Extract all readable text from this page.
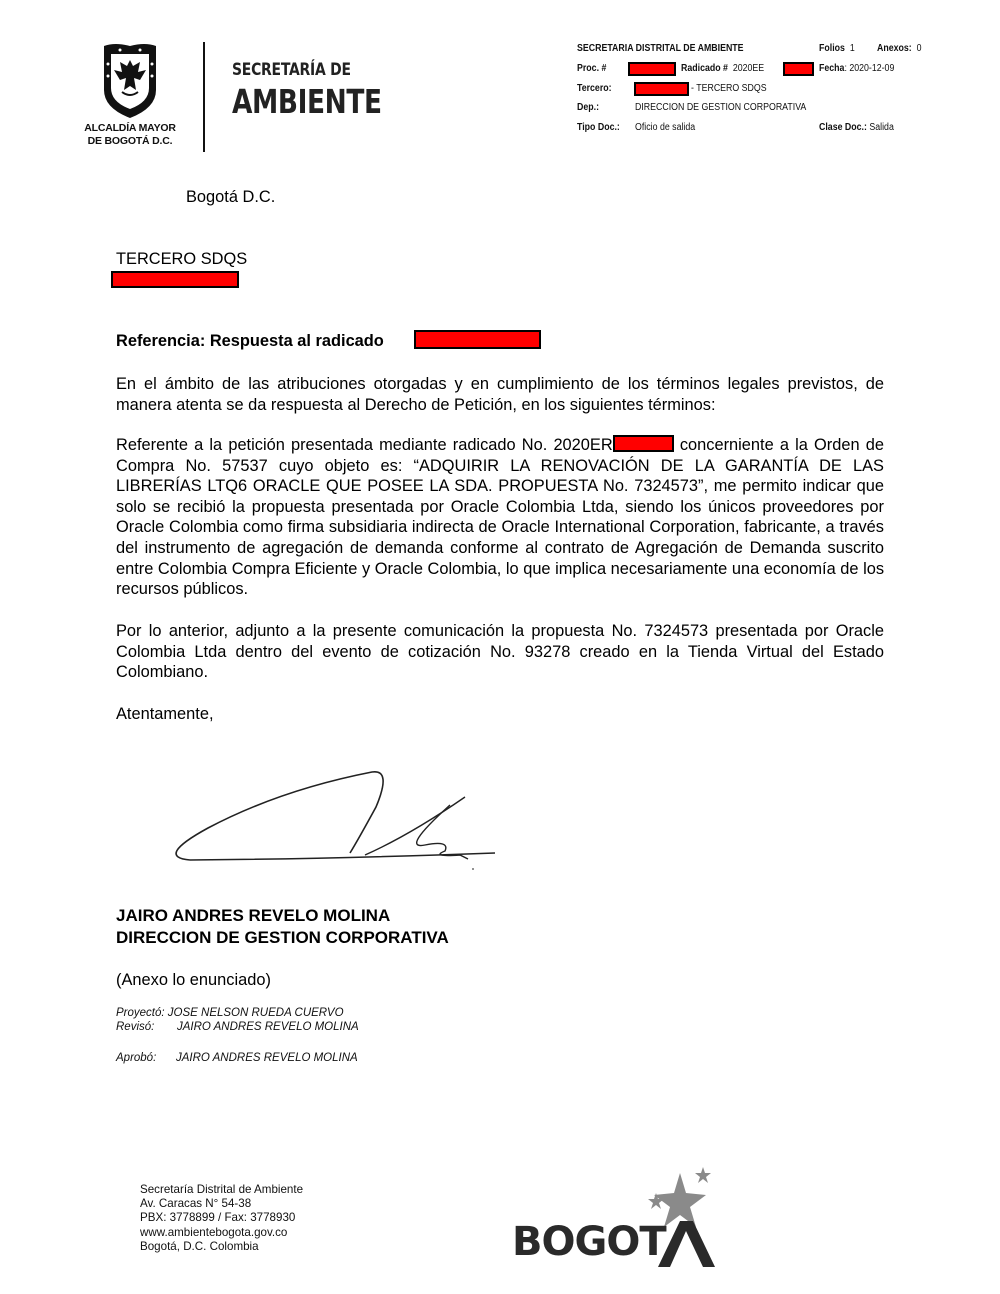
ALCALDÍA MAYOR
DE BOGOTÁ D.C.
SECRETARÍA DE
AMBIENTE
SECRETARIA DISTRITAL DE AMBIENTE	Folios 1 Anexos: 0
Proc. #	Radicado # 2020EE	Fecha: 2020-12-09
Tercero:	- TERCERO SDQS
Dep.:	DIRECCION DE GESTION CORPORATIVA
Tipo Doc.: Oficio de salida	Clase Doc.: Salida
Bogotá D.C.
TERCERO SDQS
Referencia: Respuesta al radicado
En el ámbito de las atribuciones otorgadas y en cumplimiento de los términos legales previstos, de manera atenta se da respuesta al Derecho de Petición, en los siguientes términos:
Referente a la petición presentada mediante radicado No. 2020ER	concerniente a la Orden de Compra No. 57537 cuyo objeto es: “ADQUIRIR LA RENOVACIÓN DE LA GARANTÍA DE LAS LIBRERÍAS LTQ6 ORACLE QUE POSEE LA SDA. PROPUESTA No. 7324573”, me permito indicar que solo se recibió la propuesta presentada por Oracle Colombia Ltda, siendo los únicos proveedores por Oracle Colombia como firma subsidiaria indirecta de Oracle International Corporation, fabricante, a través del instrumento de agregación de demanda conforme al contrato de Agregación de Demanda suscrito entre Colombia Compra Eficiente y Oracle Colombia, lo que implica necesariamente una economía de los recursos públicos.
Por lo anterior, adjunto a la presente comunicación la propuesta No. 7324573 presentada por Oracle Colombia Ltda dentro del evento de cotización No. 93278 creado en la Tienda Virtual del Estado Colombiano.
Atentamente,
JAIRO ANDRES REVELO MOLINA
DIRECCION DE GESTION CORPORATIVA
(Anexo lo enunciado)
Proyectó: JOSE NELSON RUEDA CUERVO
Revisó: JAIRO ANDRES REVELO MOLINA
Aprobó: JAIRO ANDRES REVELO MOLINA
Secretaría Distrital de Ambiente
Av. Caracas N° 54-38
PBX: 3778899 / Fax: 3778930
www.ambientebogota.gov.co
Bogotá, D.C. Colombia	BOGOT
